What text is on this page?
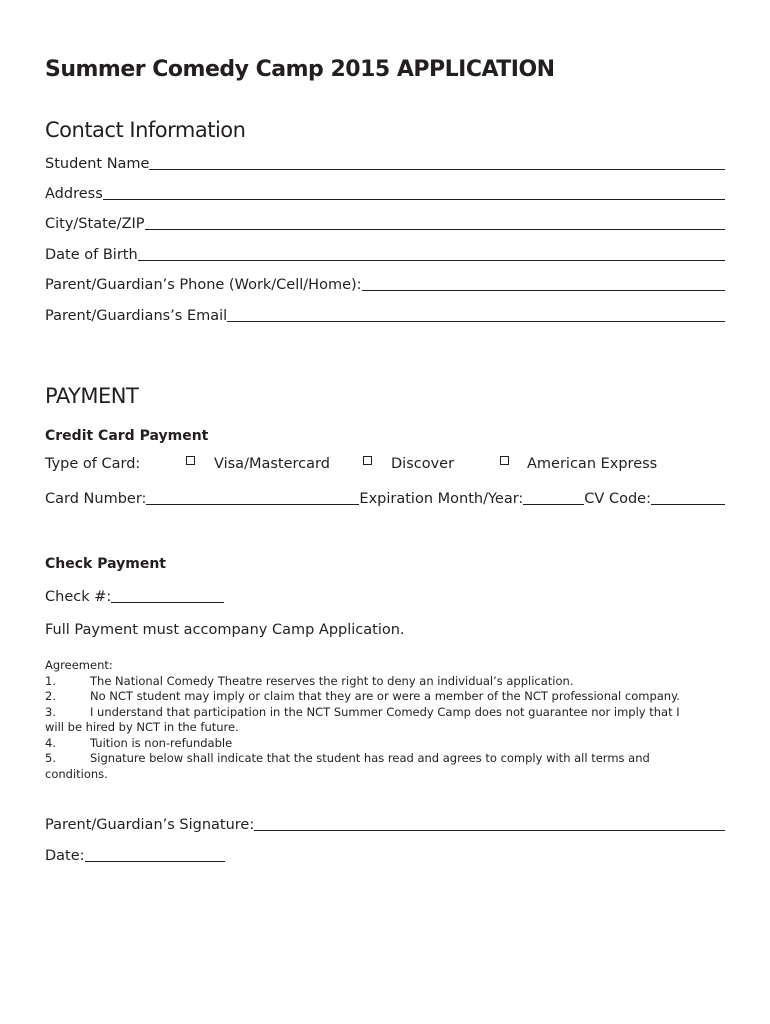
Summer Comedy Camp 2015 APPLICATION
Contact Information
Student Name
Address
City/State/ZIP
Date of Birth
Parent/Guardian’s Phone (Work/Cell/Home):
Parent/Guardians’s Email
PAYMENT
Credit Card Payment
Type of Card:	Visa/Mastercard	Discover	American Express
Card Number:	Expiration Month/Year:	CV Code:
Check Payment
Check #:
Full Payment must accompany Camp Application.
Agreement:
1.	The National Comedy Theatre reserves the right to deny an individual’s application.
2.	No NCT student may imply or claim that they are or were a member of the NCT professional company.
3.	I understand that participation in the NCT Summer Comedy Camp does not guarantee nor imply that I
will be hired by NCT in the future.
4.	Tuition is non-refundable
5.	Signature below shall indicate that the student has read and agrees to comply with all terms and
conditions.
Parent/Guardian’s Signature:
Date:
